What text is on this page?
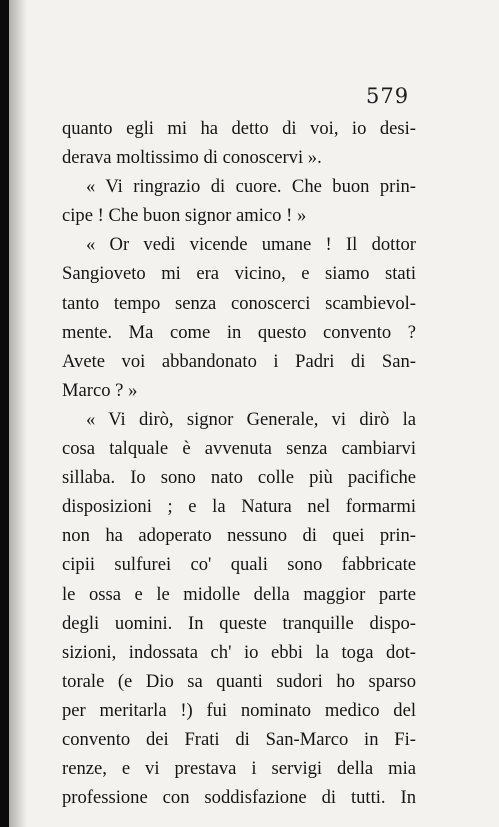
579
quanto egli mi ha detto di voi, io desi-
derava moltissimo di conoscervi ».
« Vi ringrazio di cuore. Che buon prin-
cipe ! Che buon signor amico ! »
« Or vedi vicende umane ! Il dottor
Sangioveto mi era vicino, e siamo stati
tanto tempo senza conoscerci scambievol-
mente. Ma come in questo convento ?
Avete voi abbandonato i Padri di San-
Marco ? »
« Vi dirò, signor Generale, vi dirò la
cosa talquale è avvenuta senza cambiarvi
sillaba. Io sono nato colle più pacifiche
disposizioni ; e la Natura nel formarmi
non ha adoperato nessuno di quei prin-
cipii sulfurei co' quali sono fabbricate
le ossa e le midolle della maggior parte
degli uomini. In queste tranquille dispo-
sizioni, indossata ch' io ebbi la toga dot-
torale (e Dio sa quanti sudori ho sparso
per meritarla !) fui nominato medico del
convento dei Frati di San-Marco in Fi-
renze, e vi prestava i servigi della mia
professione con soddisfazione di tutti. In
